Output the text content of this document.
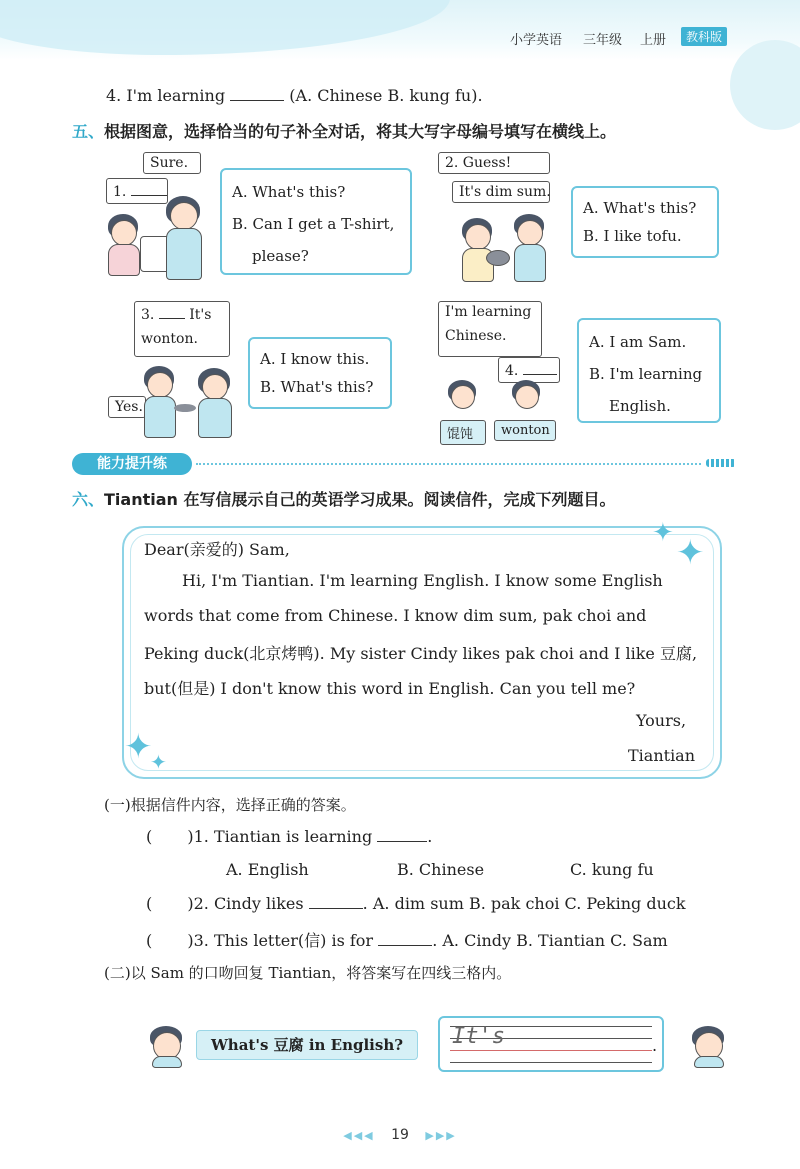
小学英语 三年级 上册	教科版
4. I'm learning	(A. Chinese B. kung fu).
五、根据图意，选择恰当的句子补全对话，将其大写字母编号填写在横线上。
Sure.
1.	A. What's this?
B. Can I get a T-shirt,
please?
2. Guess!
It's dim sum.
A. What's this?
B. I like tofu.
3. It's
wonton.
Yes.
A. I know this.
B. What's this?
I'm learning
Chinese.
4.
馄饨	wonton
A. I am Sam.
B. I'm learning
English.
能力提升练
六、Tiantian 在写信展示自己的英语学习成果。阅读信件，完成下列题目。
✦ ✦
✦
✦
Dear(亲爱的) Sam,
Hi, I'm Tiantian. I'm learning English. I know some English
words that come from Chinese. I know dim sum, pak choi and
Peking duck(北京烤鸭). My sister Cindy likes pak choi and I like 豆腐,
but(但是) I don't know this word in English. Can you tell me?
Yours,
Tiantian
(一)根据信件内容，选择正确的答案。
( )1. Tiantian is learning	.
A. English	B. Chinese	C. kung fu
( )2. Cindy likes	. A. dim sum B. pak choi C. Peking duck
( )3. This letter(信) is for	. A. Cindy B. Tiantian C. Sam
(二)以 Sam 的口吻回复 Tiantian，将答案写在四线三格内。
What's 豆腐 in English?	It's	.
◀◀◀ 19 ▶▶▶
